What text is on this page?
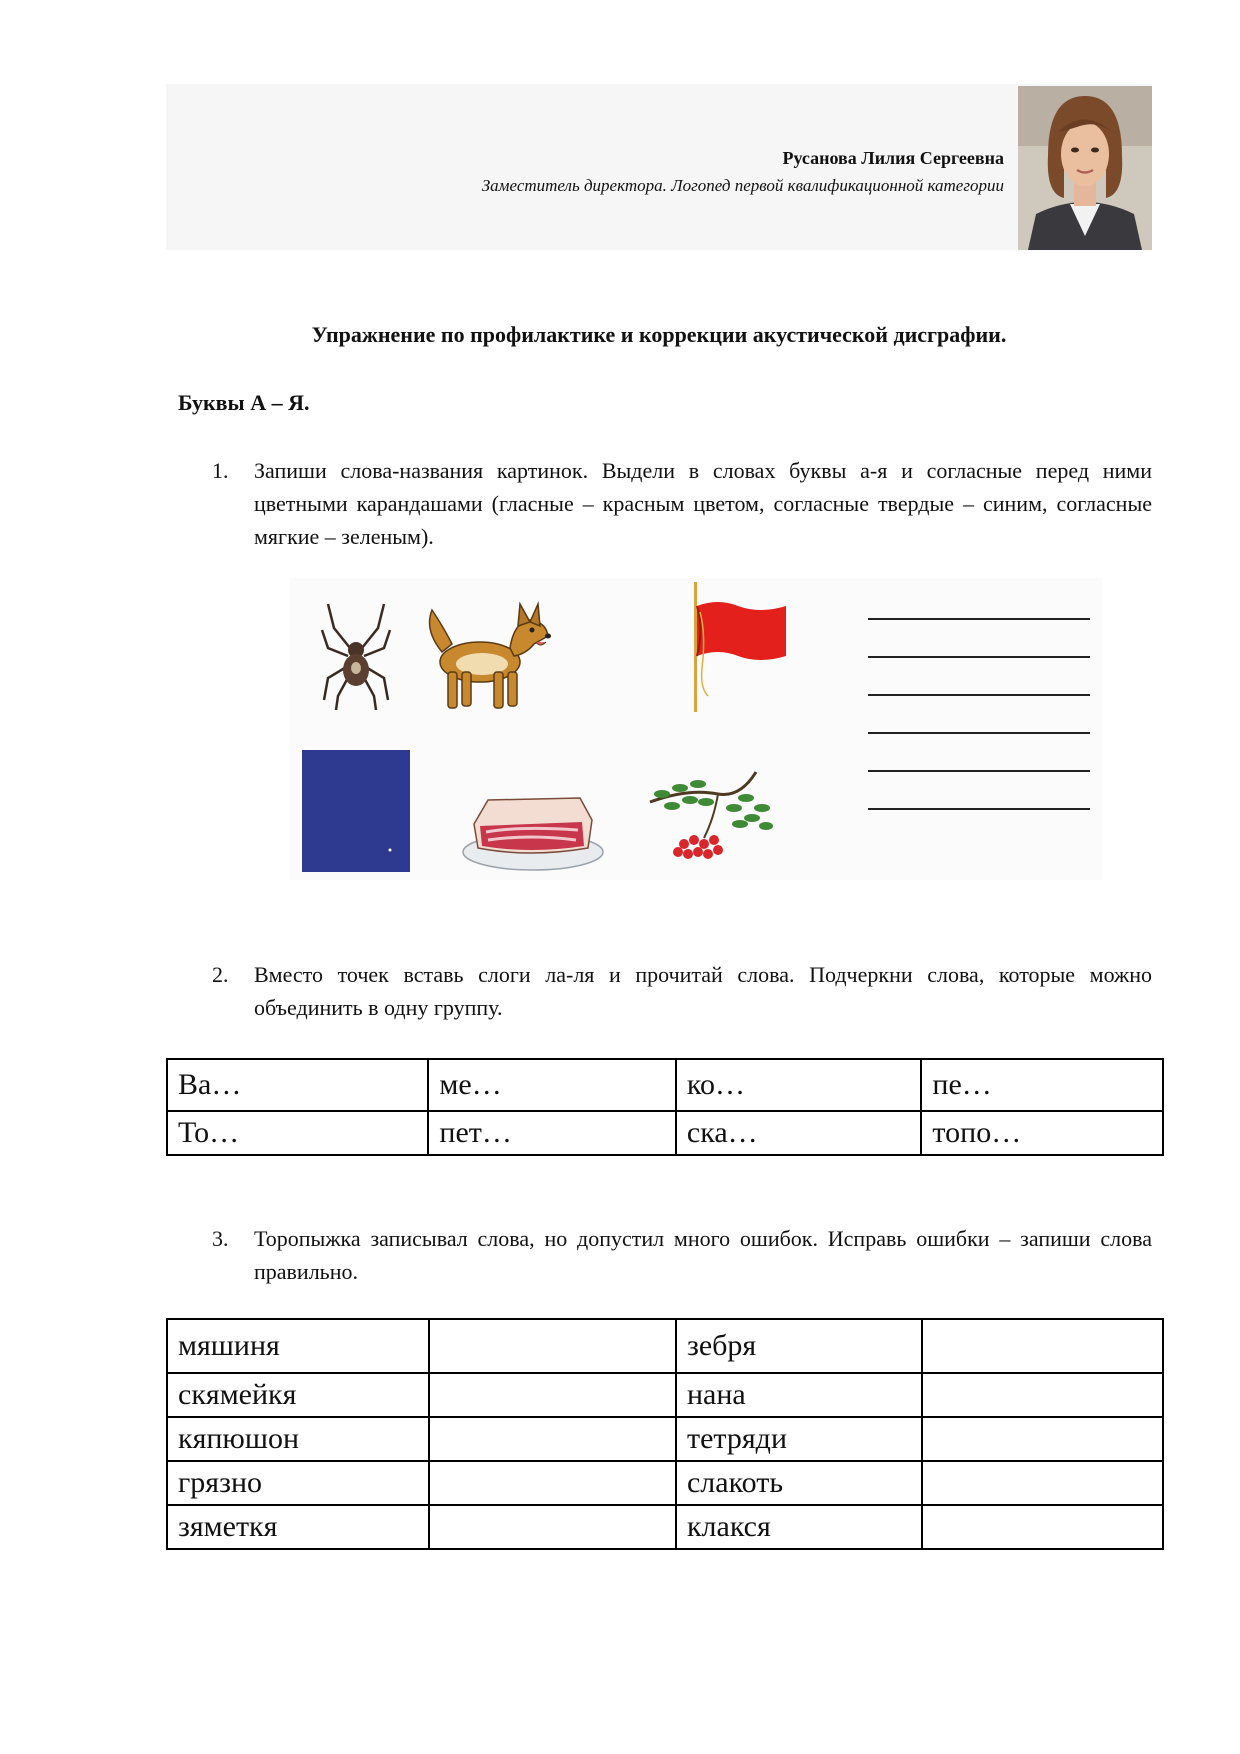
Русанова Лилия Сергеевна
Заместитель директора. Логопед первой квалификационной категории
Упражнение по профилактике и коррекции акустической дисграфии.
Буквы А – Я.
1. Запиши слова-названия картинок. Выдели в словах буквы а-я и согласные перед ними цветными карандашами (гласные – красным цветом, согласные твердые – синим, согласные мягкие – зеленым).
2. Вместо точек вставь слоги ла-ля и прочитай слова. Подчеркни слова, которые можно объединить в одну группу.
Ва…	ме…	ко…	пе…
То…	пет…	ска…	топо…
3. Торопыжка записывал слова, но допустил много ошибок. Исправь ошибки – запиши слова правильно.
мяшиня		зебря	
скямейкя		нана	
кяпюшон		тетряди	
грязно		слакоть	
зяметкя		клакся	
